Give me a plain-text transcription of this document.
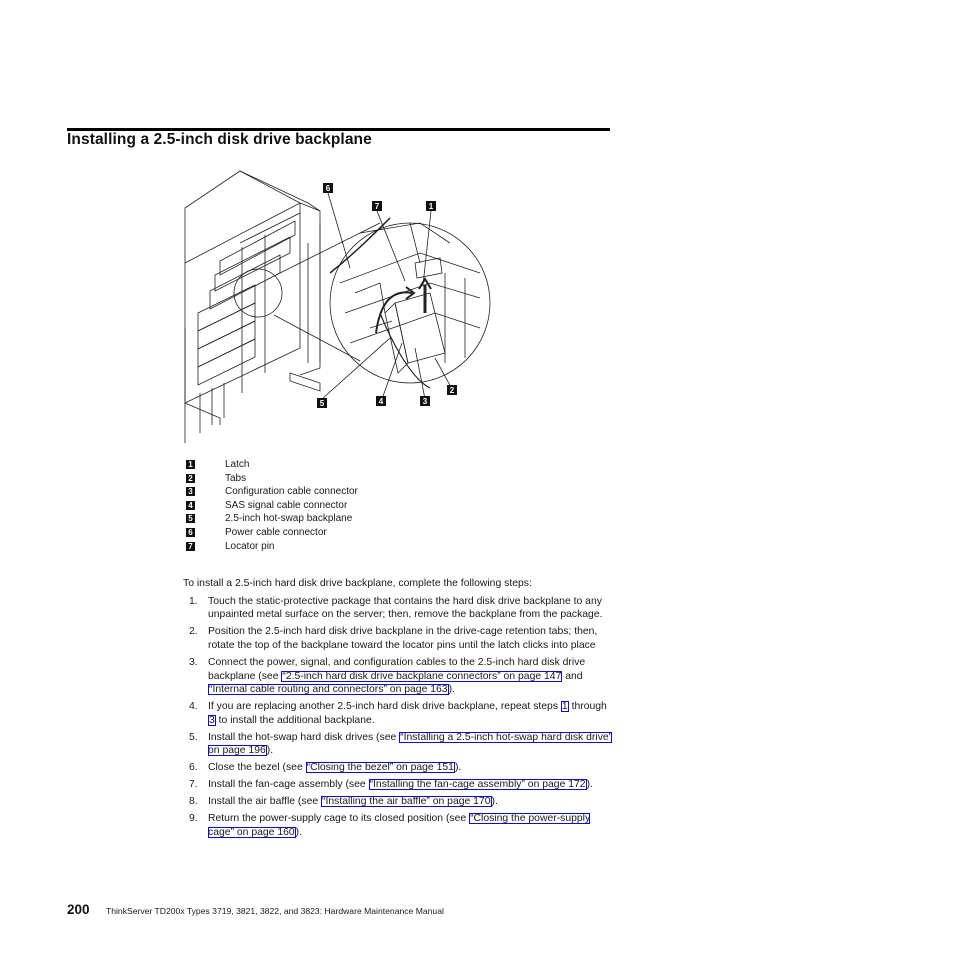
Installing a 2.5-inch disk drive backplane
6
7	1
5	4	3
2
1	Latch
2	Tabs
3	Configuration cable connector
4	SAS signal cable connector
5	2.5-inch hot-swap backplane
6	Power cable connector
7	Locator pin

To install a 2.5-inch hard disk drive backplane, complete the following steps:

1. Touch the static-protective package that contains the hard disk drive backplane to any unpainted metal surface on the server; then, remove the backplane from the package.
2. Position the 2.5-inch hard disk drive backplane in the drive-cage retention tabs; then, rotate the top of the backplane toward the locator pins until the latch clicks into place
3. Connect the power, signal, and configuration cables to the 2.5-inch hard disk drive backplane (see “2.5-inch hard disk drive backplane connectors” on page 147 and “Internal cable routing and connectors” on page 163).
4. If you are replacing another 2.5-inch hard disk drive backplane, repeat steps 1 through 3 to install the additional backplane.
5. Install the hot-swap hard disk drives (see “Installing a 2.5-inch hot-swap hard disk drive” on page 196).
6. Close the bezel (see “Closing the bezel” on page 151).
7. Install the fan-cage assembly (see “Installing the fan-cage assembly” on page 172).
8. Install the air baffle (see “Installing the air baffle” on page 170).
9. Return the power-supply cage to its closed position (see “Closing the power-supply cage” on page 160).
200 ThinkServer TD200x Types 3719, 3821, 3822, and 3823: Hardware Maintenance Manual
